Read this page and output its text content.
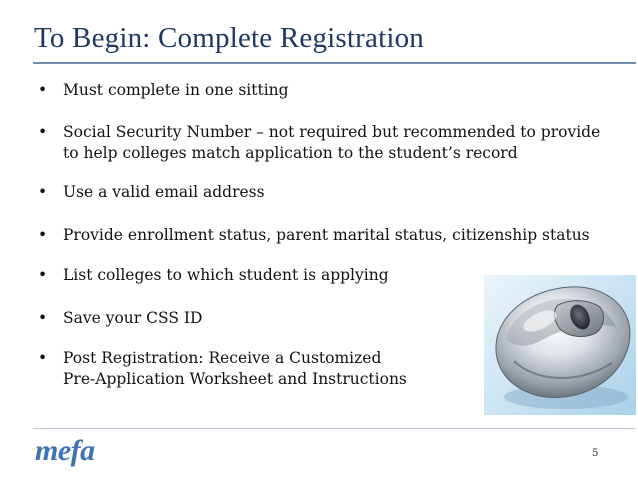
To Begin: Complete Registration
• Must complete in one sitting
• Social Security Number – not required but recommended to provide
to help colleges match application to the student’s record
• Use a valid email address
• Provide enrollment status, parent marital status, citizenship status
• List colleges to which student is applying
• Save your CSS ID
• Post Registration: Receive a Customized
Pre-Application Worksheet and Instructions
mefa	5
